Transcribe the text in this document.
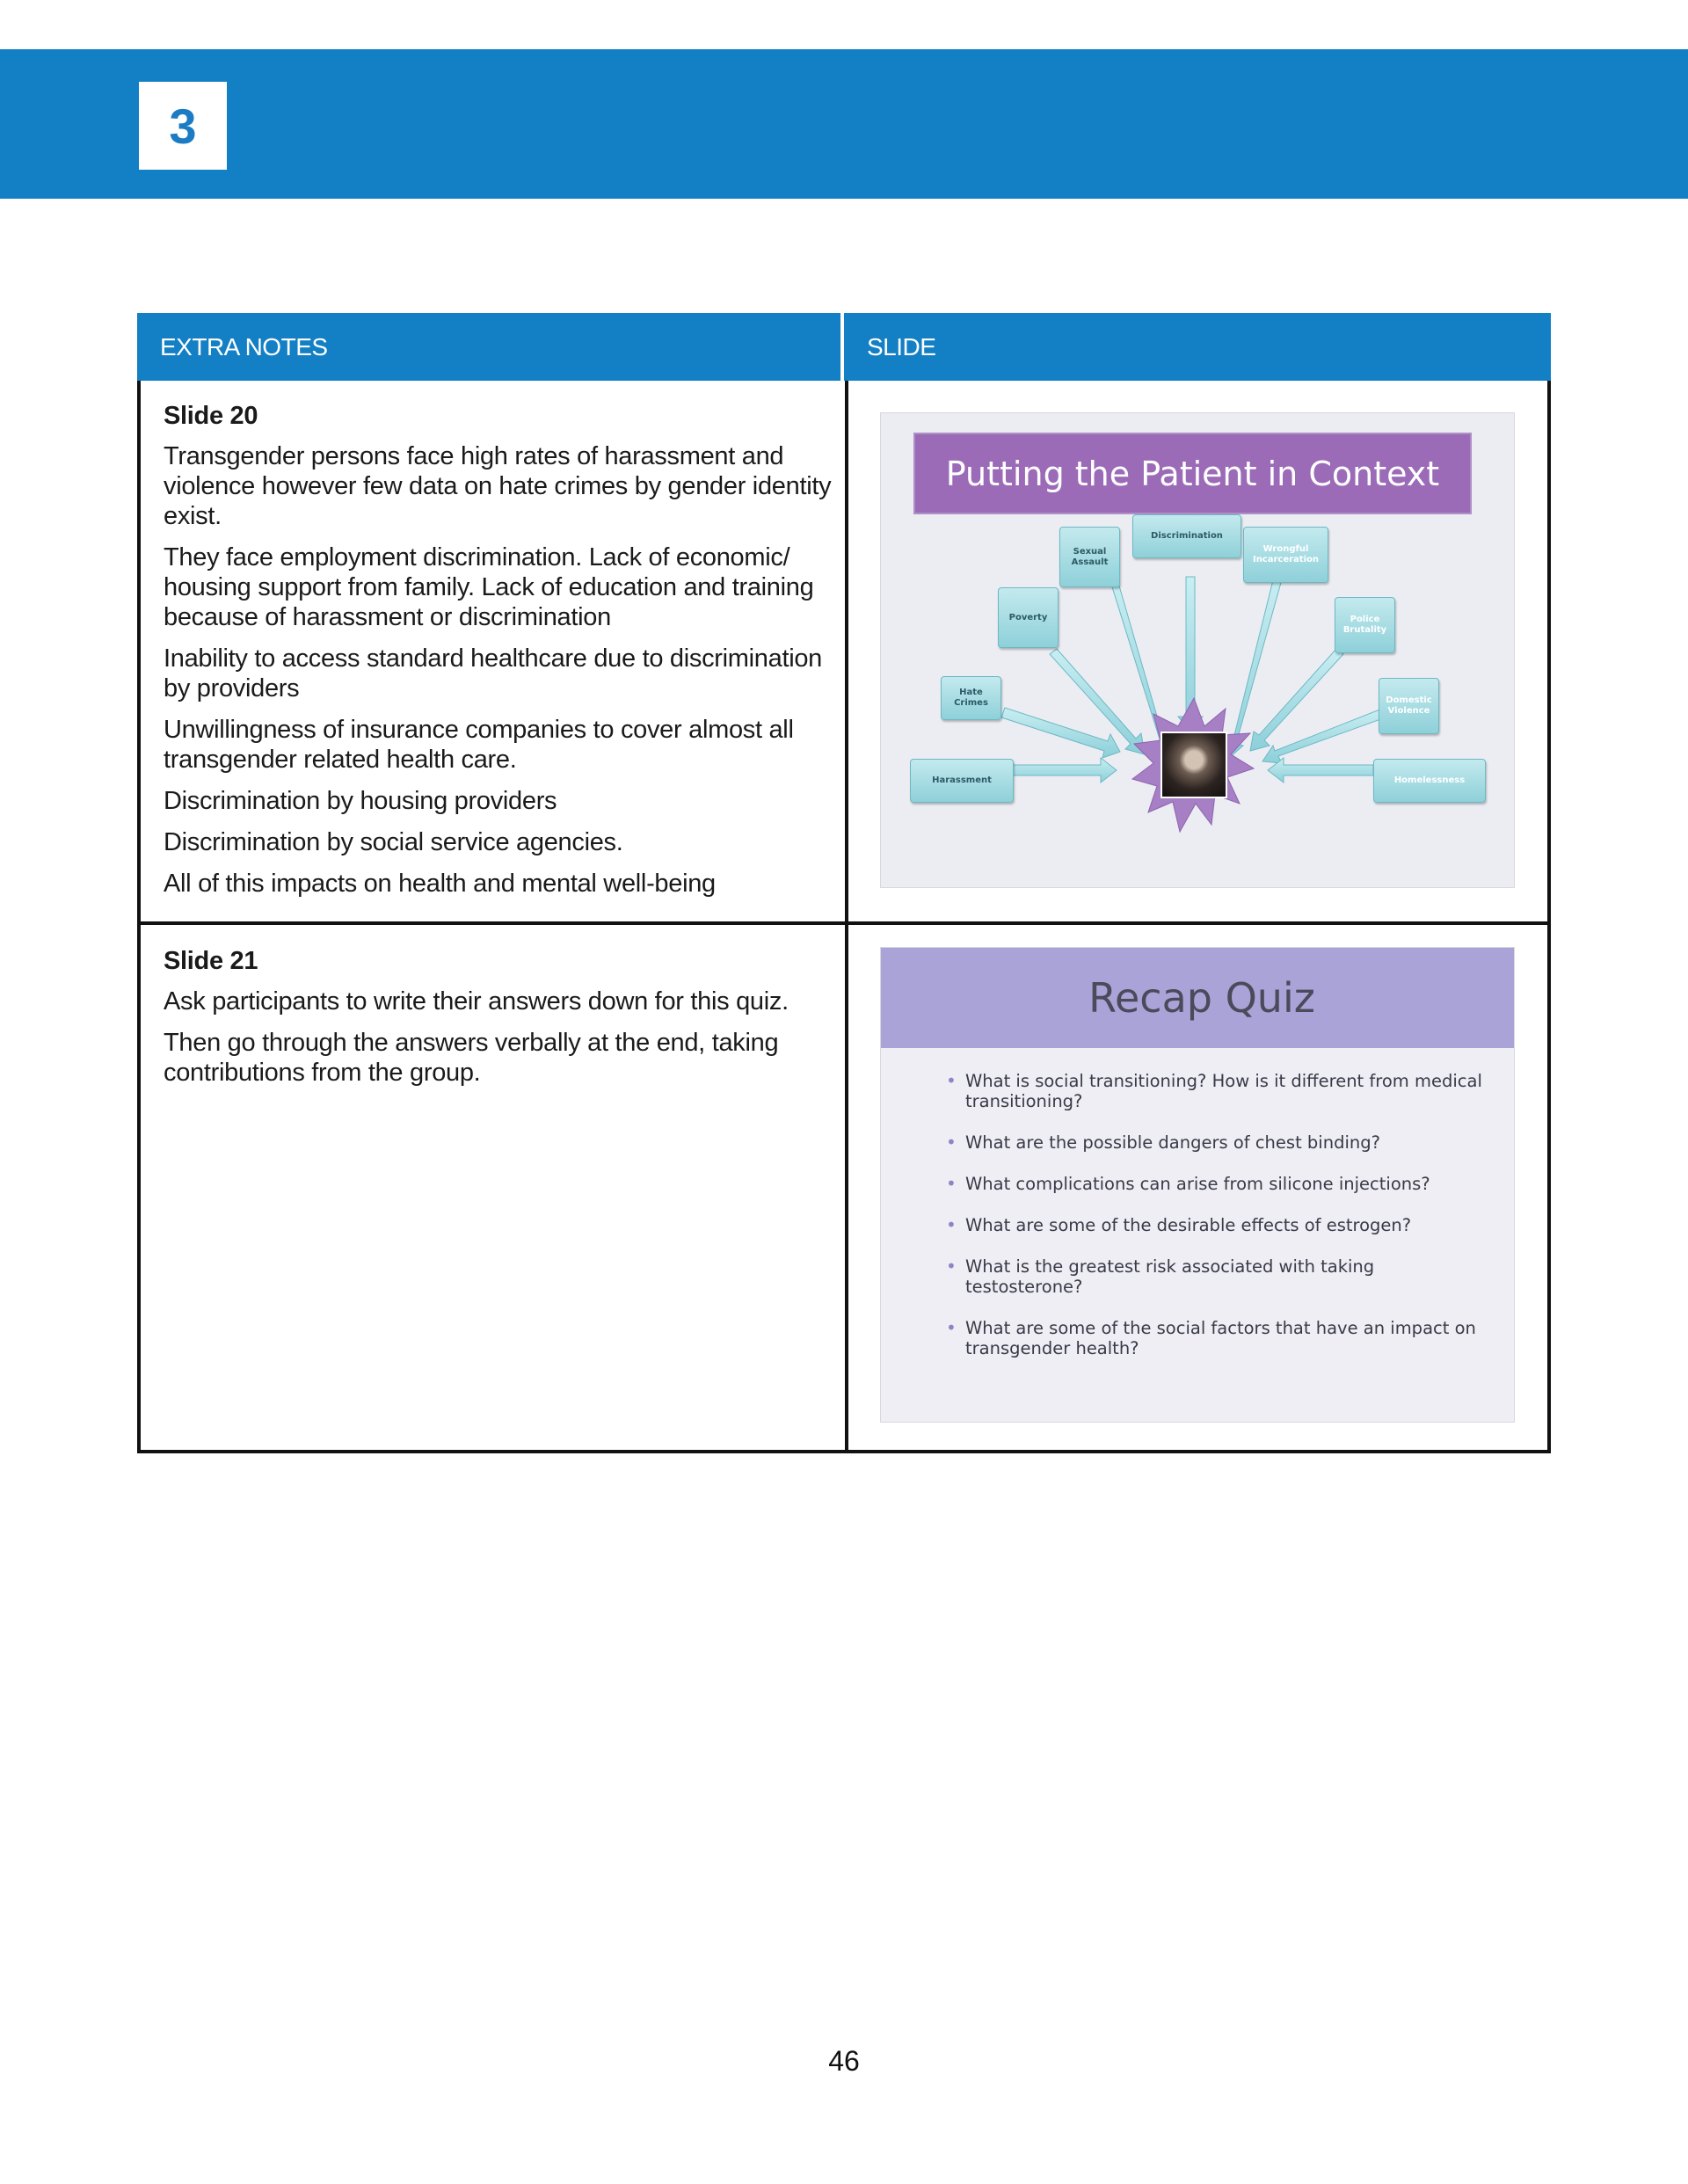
3
EXTRA NOTES	SLIDE
Slide 20

Transgender persons face high rates of harassment and violence however few data on hate crimes by gender identity exist.

They face employment discrimination. Lack of economic/ housing support from family. Lack of education and training because of harassment or discrimination

Inability to access standard healthcare due to discrimination by providers

Unwillingness of insurance companies to cover almost all transgender related health care.

Discrimination by housing providers

Discrimination by social service agencies.

All of this impacts on health and mental well-being

Putting the Patient in Context
Harassment
Hate Crimes
Poverty
Sexual Assault
Discrimination
Wrongful Incarceration
Police Brutality
Domestic Violence
Homelessness
Slide 21

Ask participants to write their answers down for this quiz.

Then go through the answers verbally at the end, taking contributions from the group.

Recap Quiz
• What is social transitioning? How is it different from medical transitioning?
• What are the possible dangers of chest binding?
• What complications can arise from silicone injections?
• What are some of the desirable effects of estrogen?
• What is the greatest risk associated with taking testosterone?
• What are some of the social factors that have an impact on transgender health?
46
